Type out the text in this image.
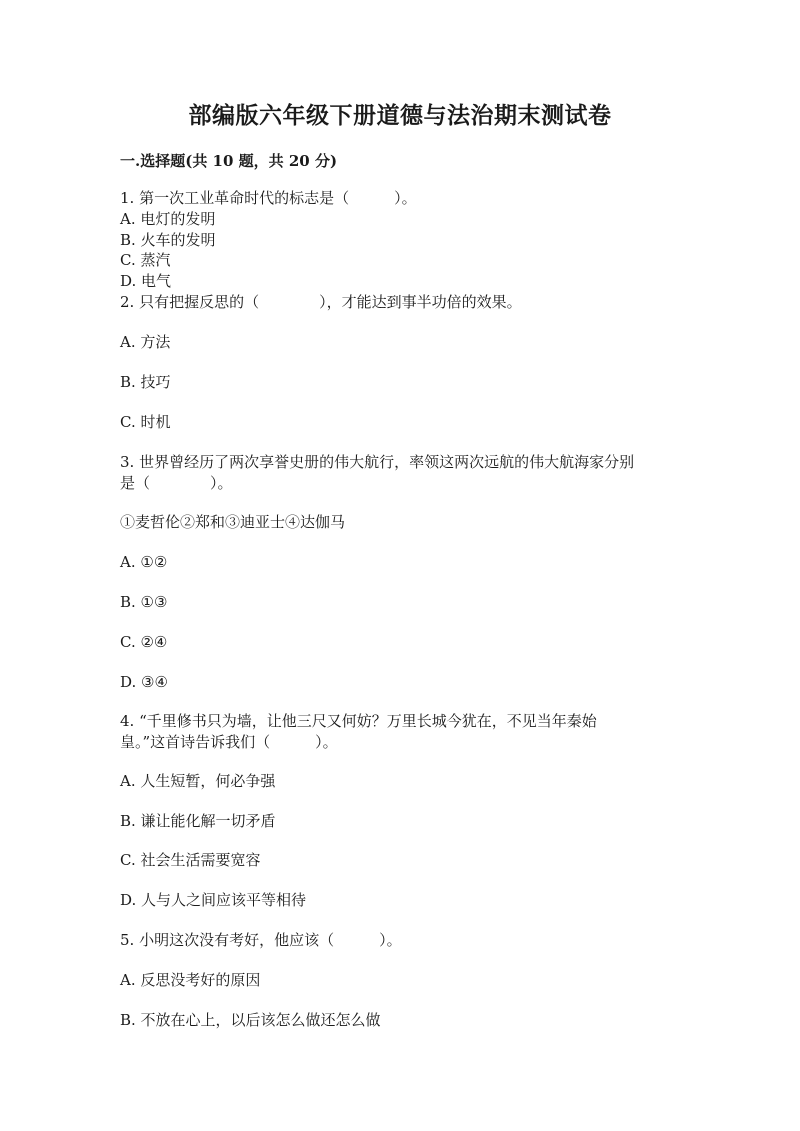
部编版六年级下册道德与法治期末测试卷
一.选择题(共 10 题，共 20 分)
1. 第一次工业革命时代的标志是（　　　）。
A. 电灯的发明
B. 火车的发明
C. 蒸汽
D. 电气
2. 只有把握反思的（　　　　），才能达到事半功倍的效果。
A. 方法
B. 技巧
C. 时机
3. 世界曾经历了两次享誉史册的伟大航行，率领这两次远航的伟大航海家分别
是（　　　　）。
①麦哲伦②郑和③迪亚士④达伽马
A. ①②
B. ①③
C. ②④
D. ③④
4. “千里修书只为墙，让他三尺又何妨？万里长城今犹在，不见当年秦始
皇。”这首诗告诉我们（　　　）。
A. 人生短暂，何必争强
B. 谦让能化解一切矛盾
C. 社会生活需要宽容
D. 人与人之间应该平等相待
5. 小明这次没有考好，他应该（　　　）。
A. 反思没考好的原因
B. 不放在心上，以后该怎么做还怎么做
